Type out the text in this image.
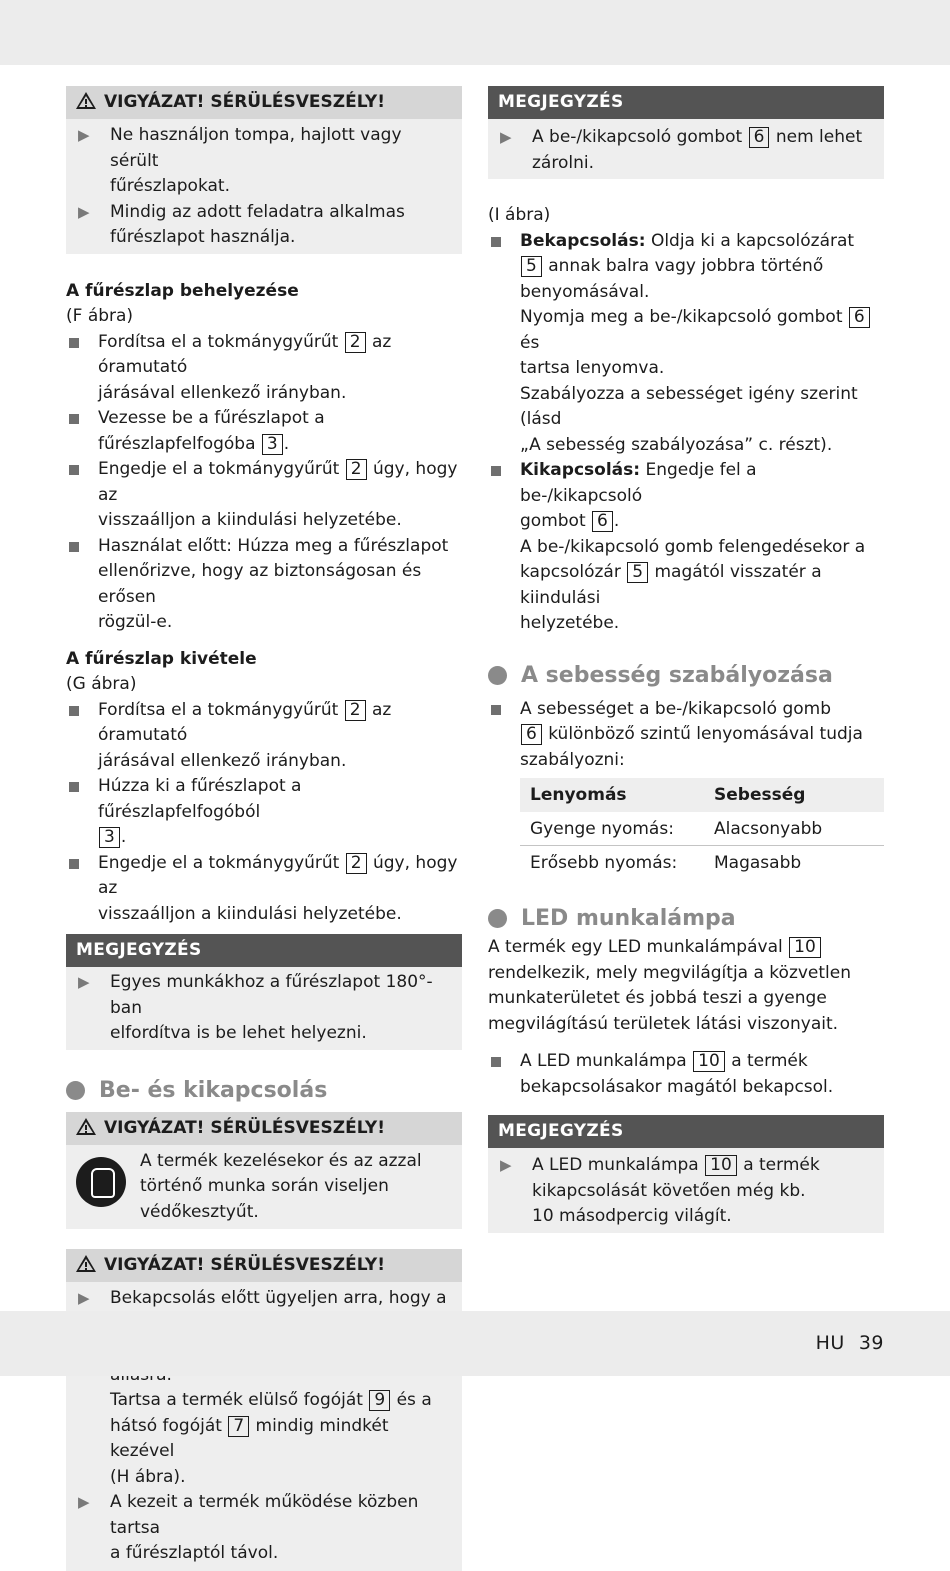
VIGYÁZAT! SÉRÜLÉSVESZÉLY!
▶	Ne használjon tompa, hajlott vagy sérült

fűrészlapokat.

▶	Mindig az adott feladatra alkalmas

fűrészlapot használja.

A fűrészlap behelyezése

(F ábra)

Fordítsa el a tokmánygyűrűt 2 az óramutató

járásával ellenkező irányban.

Vezesse be a fűrészlapot a

fűrészlapfelfogóba 3 .

Engedje el a tokmánygyűrűt 2 úgy, hogy az

visszaálljon a kiindulási helyzetébe.

Használat előtt: Húzza meg a fűrészlapot

ellenőrizve, hogy az biztonságosan és erősen

rögzül-e.

A fűrészlap kivétele

(G ábra)

Fordítsa el a tokmánygyűrűt 2 az óramutató

járásával ellenkező irányban.

Húzza ki a fűrészlapot a fűrészlapfelfogóból

3 .

Engedje el a tokmánygyűrűt 2 úgy, hogy az

visszaálljon a kiindulási helyzetébe.

MEGJEGYZÉS
▶	Egyes munkákhoz a fűrészlapot 180°-ban

elfordítva is be lehet helyezni.

Be- és kikapcsolás
VIGYÁZAT! SÉRÜLÉSVESZÉLY!

A termék kezelésekor és az azzal

történő munka során viseljen

védőkesztyűt.

VIGYÁZAT! SÉRÜLÉSVESZÉLY!
▶	Bekapcsolás előtt ügyeljen arra, hogy a

Tartsa a termék elülső fogóját 9 és a

hátsó fogóját 7 mindig mindkét kezével

(H ábra).

▶	A kezeit a termék működése közben tartsa

a fűrészlaptól távol.

MEGJEGYZÉS
▶	A be-/kikapcsoló gombot 6 nem lehet

zárolni.

(I ábra)

Bekapcsolás: Oldja ki a kapcsolózárat

5 annak balra vagy jobbra történő

benyomásával.

Nyomja meg a be-/kikapcsoló gombot 6 és

tartsa lenyomva.

Szabályozza a sebességet igény szerint (lásd

„A sebesség szabályozása” c. részt).

Kikapcsolás: Engedje fel a be-/kikapcsoló

gombot 6 .

A be-/kikapcsoló gomb felengedésekor a

kapcsolózár 5 magától visszatér a kiindulási

helyzetébe.

A sebesség szabályozása

A sebességet a be-/kikapcsoló gomb

6 különböző szintű lenyomásával tudja

szabályozni:

Lenyomás	Sebesség
Gyenge nyomás:	Alacsonyabb
Erősebb nyomás:	Magasabb
LED munkalámpa

A termék egy LED munkalámpával 10

rendelkezik, mely megvilágítja a közvetlen

munkaterületet és jobbá teszi a gyenge

megvilágítású területek látási viszonyait.

A LED munkalámpa 10 a termék

bekapcsolásakor magától bekapcsol.

MEGJEGYZÉS
▶	A LED munkalámpa 10 a termék

kikapcsolását követően még kb.

10 másodpercig világít.

HU 39
